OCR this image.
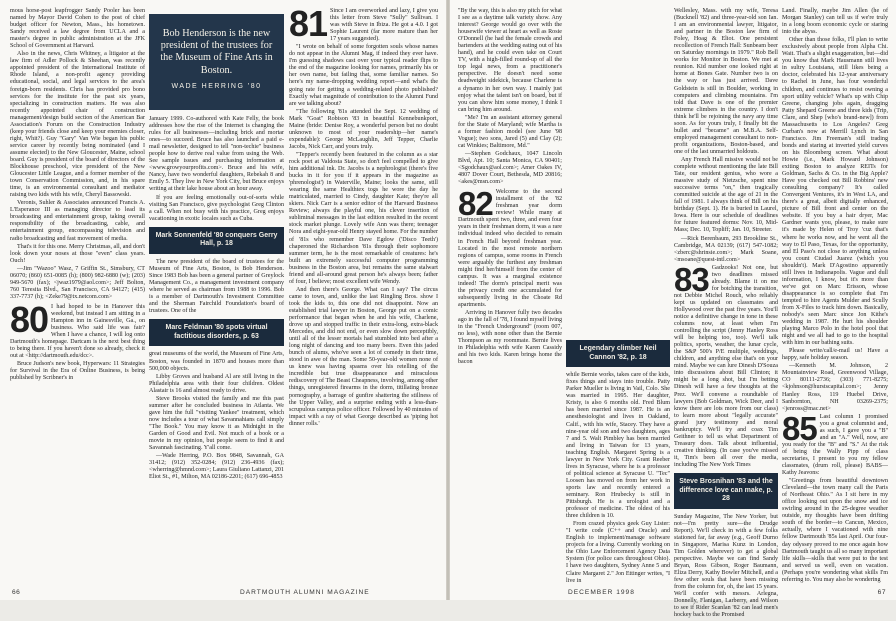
mous horse-post leapfrogger Sandy Pooler has been named by Mayor David Cohen to the post of chief budget officer for Newton, Mass., his hometown. Sandy received a law degree from UCLA and a master's degree in public administration at the JFK School of Government at Harvard.

Also in the news, Chris Whitney, a litigator at the law firm of Adler Pollock & Sheehan, was recently appointed president of the International Institute of Rhode Island, a non-profit agency providing educational, social, and legal services to the area's foreign-born residents. Chris has provided pro bono services for the institute for the past six years, specializing in construction matters. He was also recently appointed chair of construction management/design build section of the American Bar Association's Forum on the Construction Industry (keep your friends close and keep your enemies closer, right, Whit?). Guy "Gary" Van Wie began his public service career by recently being nominated (and I assume elected) to the New Gloucester, Maine, school board. Guy is president of the board of directors of the Blockhouse preschool, vice president of the New Gloucester Little League, and a former member of the town Conservation Commission, and, in his spare time, is an environmental consultant and mediator raising two kids with his wife, Cheryl Bassowski.

Veronis, Suhler & Associates announced Francis A. L'Esperance III as managing director to lead its broadcasting and entertainment group, taking overall responsibility of the broadcasting, cable, and entertainment group, encompassing television and radio broadcasting and fast movement of media.

That's it for this one. Merry Christmas, all, and don't look down your noses at those "even" class years. Ouch!

—Jim "Wazoo" Wasz, 7 Griffin St., Simsbury, CT 06070; (860) 651-0085 (h); (800) 982-6880 (w); (203) 949-5670 (fax); <jwaz1979@aol.com>; Jeff Bolton, 760 Teresita Blvd., San Francisco, CA 94127; (415) 337-7737 (h); <Zeke79@tx.netcom.com>

80 I had hoped to be in Hanover this weekend, but instead I am sitting in a Hampton inn in Gainesville, Ga., on business. Who said life was fair? When I have a chance, I will log onto Dartmouth's homepage. Dartcam is the next best thing to being there. If you haven't done so already, check it out at <http://dartmouth.edu/dcc>.

Bruce Judson's new book, Hyperwars: 11 Strategies for Survival in the Era of Online Business, is being published by Scribner's in

January 1999. Co-authored with Kate Felly, the book addresses how the rise of the Internet is changing the rules for all businesses—including brick and mortar ones—to succeed. Bruce has also launched a paid e-mail newsletter, designed to tell "non-techie" business people how to derive real value from using the Web. See sample issues and purchasing information at <www.growyourprofits.com>. Bruce and his wife, Nancy, have two wonderful daughters, Rebekah 8 and Emily 5. They live in New York City, but Bruce enjoys writing at their lake house about an hour away.

If you are feeling emotionally out-of-sorts while visiting San Francisco, give psychologist Greg Clinton a call. When not busy with his practice, Greg enjoys vacationing in exotic locales such as Cuba.

Mark Sonnenfeld '80 conquers Gerry Hall, p. 18

The new president of the board of trustees for the Museum of Fine Arts, Boston, is Bob Henderson. Since 1983 Bob has been a general partner of Greylock Management Co., a management investment company where he served as chairman from 1988 to 1996. Bob is a member of Dartmouth's Investment Committee and the Sherman Fairchild Foundation's board of trustees. One of the

Marc Feldman '80 spots virtual factitious disorders, p. 63

great museums of the world, the Museum of Fine Arts, Boston, was founded in 1870 and houses more than 500,000 objects.

Libby Groves and husband Al are still living in the Philadelphia area with their four children. Oldest Alastair is 16 and almost ready to drive.

Steve Brooks visited the family and me this past summer after he concluded business in Atlanta. We gave him the full "visiting Yankee" treatment, which now includes a tour of what Savannahians call simply "The Book." You may know it as Midnight in the Garden of Good and Evil. Not much of a book or a movie in my opinion, but people seem to find it and Savannah fascinating. Y'all come.

—Wade Herring, P.O. Box 9848, Savannah, GA 31412; (912) 352-0284; (912) 236-4936 (fax); <wherring@hmnd.com>; Laura Giuliano Lattanzi, 201 Eliot St., #1, Milton, MA 02186-2201; (617) 696-4853

Bob Henderson is the new president of the trustees for the Museum of Fine Arts in Boston.
WADE HERRING '80
81 Since I am overworked and lazy, I give you this letter from Steve "Sully" Sullivan. I was with Steve in Ibiza. He got a 4.0. I got Sophie Laurent (far more mature than her 17 years suggested).

"I wrote on behalf of some forgotten souls whose names do not appear in the Alumni Mag, if indeed they ever have. I'm guessing shadows cast over your typical reader flips to the end of the magazine looking for names, primarily his or her own name, but failing that, some familiar names. So here's my name-dropping wedding report—and what's the going rate for getting a wedding-related photo published? Exactly what magnitude of contribution to the Alumni Fund are we talking about?

"The following '81s attended the Sept. 12 wedding of Mark "Goat" Robison '83 in beautiful Kennebunkport, Maine (bride: Denise Roy, a wonderful person but no doubt unknown to most of your readership—her name's expendable): George McLaughlin, Jeff Tepper, Charlie Jacobs, Nick Carr, and yours truly.

"Tepper's recently been featured in the column as a star rock poet at Valdosta State, so don't feel compelled to give him additional ink. Dr. Jacobs is a nephrologist (there's five bucks in it for you if it appears in the magazine as 'phrenologist') in Waterville, Maine; looks the same, still wearing the same Healthtex togs he wore the day he matriculated, married to Cindy, daughter Kate; they're all skiers. Nick Carr is a senior editor of the Harvard Business Review; always the playful one, his clever insertion of subliminal messages in the last edition resulted in the recent stock market plunge. Lovely wife Ann was there; teenager Nora and eight-year-old Henry stayed home. For the number of '81s who remember Dave Egdow ('Disco Teeth') chaperoned the Richardson '81s through their sophomore summer term, he is the most remarkable of creatures: he's built an extremely successful computer programming business in the Boston area, but remains the same stalwart friend and all-around great person he's always been; father of four, I believe; most excellent wife Wendy.

And then there's George. What can I say? The circus came to town, and, unlike the last Ringling Bros. show I took the kids to, this one did not disappoint. Now an established trial lawyer in Boston, George put on a comic performance that began when he and his wife, Charlene, drove up and stopped traffic in their extra-long, extra-black Mercedes, and did not end, or even slow down perceptibly, until all of the lesser mortals had stumbled into bed after a long night of dancing and too many beers. Even this jaded bunch of alums, who've seen a lot of comedy in their time, stood in awe of the man. Some 50-year-old women none of us knew was having spasms over his retelling of the incredible but true disappearance and miraculous rediscovery of The Beast Cheapness, involving, among other things, unregistered firearms in the dorm, titillating bronze pornography, a barrage of gunfire shattering the stillness of the Upper Valley, and a surprise ending with a less-than-scrupulous campus police officer. Followed by 40 minutes of impact with a ray of what George described as 'piping hot dinner rolls.'

66	DARTMOUTH ALUMNI MAGAZINE

"By the way, this is also my pitch for what I see as a daytime talk variety show. Any interest? George would go over with the housewife viewer at heart as well as Rosie O'Donnell (he had the female crowds and bartenders at the wedding eating out of his hand), and he could even take on Court TV, with a high-filled round-up of all the top legal news, from a practitioner's perspective. He doesn't need some deadweight sidekick, because Charlene is a dynamo in her own way. I mainly just enjoy what the talent isn't on board, but if you can show him some money, I think I can bring him around.

"Me? I'm an assistant attorney general for the State of Maryland; wife Martha is a former fashion model (see June '98 Vogue); two sons, Jared (5) and Clay (2); cat Winkies; Baltimore, Md."

—Stephen Godchaux, 1047 Lincoln Blvd, Apt. 10; Santa Monica, CA 90401; <Sgodchaux@aol.com>; Amer Oakes IV, 4807 Dover Court, Bethesda, MD 20816; <akes@msn.com>

82 Welcome to the second installment of the '82 freshman year dorm review! While many at Dartmouth spent two, three, and even four years in their freshman dorm, it was a rare individual indeed who decided to remain in French Hall beyond freshman year. Located in the most remote northern regions of campus, some rooms in French were arguably the furthest any freshman might find her/himself from the center of campus. It was a marginal existence indeed! The dorm's principal merit was the privacy credit one accumulated for subsequently living in the Choate Rd apartments.

Arriving in Hanover fully two decades ago in the fall of '78, I found myself living in the "French Underground" (room 007, no less), with none other than the Bernie Thompson as my roommate. Bernie lives in Philadelphia with wife Karen Cassidy and his two kids. Karen brings home the bacon

Legendary climber Neil Cannon '82, p. 18

while Bernie works, takes care of the kids, fixes things and stays into trouble. Patty Parker Mueller is living in Vail, Colo. She was married in 1995. Her daughter, Kristy, is also 6 months old. Fred Blum has been married since 1987. He is an anesthesiologist and lives in Oakland, Calif., with his wife, Stacey. They have a nine-year old son and two daughters, ages 7 and 5. Walt Pimbley has been married and living in Taiwan for 13 years, teaching English. Margaret Spring is a lawyer in New York City. Grant Reeber lives in Syracuse, where he is a professor of political science at Syracuse U. "Tec" Loosen has moved on from her work in sports law and recently entered a seminary. Ron Hrubecky is still in Pittsburgh. He is a urologist and a professor of medicine. The oldest of his three children is 10.

From crazed physics geek Guy Lister: "I write code (C++ and Oracle) and English to implement/manage software projects for a living. Currently working on the Ohio Law Enforcement Agency Data System (for police cars throughout Ohio). I have two daughters, Sydney Anne 5 and Claire Margaret 2." Jon Ettinger writes, "I live in

Wellesley, Mass. with my wife, Teresa (Bucknell '82) and three-year-old son Ian. I am an environmental lawyer, litigator, and partner in the Boston law firm of Foley, Hoag & Eliot. One persistent recollection of French Hall: Sunbeam beer on Saturday mornings in 1979." Rob Bell works for Monitor in Boston. We met at reunion. Kid number one looked right at home at Bones Gate. Number two is on the way or has just arrived. Dave Goldstein is still in Boulder, working in computers and climbing mountains. I'm told that Dave is one of the premier extreme climbers in the country. I don't think he'll be rejoining the navy any time soon. As for yours truly, I finally bit the bullet and "became" an M.B.A. Self-employed management consultant to non-profit organizations, Boston-based, and one of the last unmarried holdouts.

Any French Hall missive would not be complete without mentioning the late Bill Tate, our resident genius, who wore a massive study of Nietzsche, spent nine successive terms "on," then tragically committed suicide at the age of 21 in the fall of 1981. I always think of Bill on his birthday (Sept. 1). He is buried in Laurel, Iowa. Here is our schedule of deadlines for future featured dorms: Nov. 10, Mid-Mass; Dec. 10, Topliff; Jan. 10, Streeter.

—Rick Berenbaum, 293 Brookline St., Cambridge, MA 02139; (617) 547-1082; <zberc@shrinsie.com>; Mark Soane, <msoane@quest-intl.com>

83 Gadzooks! Not one, but two deadlines missed already. Blame it on me for botching the transition, not Debbie Michel Rouch, who reliably kept us updated on classmates and Hollywood over the past five years. You'll notice a definitive change in tone in these columns now, at least when I'm controlling the script (Jenny Hanley Ross will be helping too, too). We'll talk politics, sports, weather, the lunar cycle, the S&P 500's P/E multiple, weddings, children, and anything else that's on your mind. Maybe we can lure Dinesh D'Souza into discussions about Bill Clinton; it might be a long shot, but I'm betting Dinesh will have a few thoughts at the Prez. We'll convene a roundtable of lawyers (Bob Goldman, Wick Deer, and I know there are lots more from our class) to learn more about "legally accurate" grand jury testimony and moral bankruptcy. We'll try and coax Tim Geithner to tell us what Department of Treasury does. Talk about influential, creative thinking. (In case you've missed it, Tim's been all over the media, including The New York Times

Steve Brosnihan '83 and the difference love can make, p. 28

Sunday Magazine, The New Yorker, but not—I'm pretty sure—the Drudge Report). We'll check in with a few folks stationed far, far away (e.g., Geoff Durno in Singapore, Marisa Kunz in London, Tim Golden wherever) to get a global perspective. Maybe we can find Sandy Bryan, Ross Gibson, Roger Baumann, Eliza Derry, Kathy Bowler Mitchell, and a few other souls that have been missing from the column for, oh, the last 15 years. We'll confer with messrs. Arlegna, Donnelly, Flanigan, Larberry, and Wilson to see if Rider Scanlan '82 can lead men's hockey back to the Promised

Land. Finally, maybe Jim Allen (he of Morgan Stanley) can tell us if we're truly in a long boom economic cycle or staring into the abyss.

Other than those folks, I'll plan to write exclusively about people from Alpha Chi. Wait. That's a slight exaggeration, but—did you know that Mark Hausmann still lives in sultry Louisiana, still likes being a doctor, celebrated his 12-year anniversary to Rachel in June, has four wonderful children, and continues to resist owning a sport utility vehicle? What's up with Chip Greene, changing jobs again, dragging Patty Shepard Greene and three kids (Trip, Clare, and Shep [who's brand-new]) from Massachusetts to Los Angeles? Greg Curban's now at Merrill Lynch in San Francisco. Jim Freeman's still trading bonds and staring at inverted yield curves on his Bloomberg screen. What about Howie (i.e., Mark Howard Johnson) exiting Boston to analyze REITs for Goldman, Sachs & Co. in the Big Apple? Have you checked out Bill Robbins' new consulting company? It's called Convergent Ventures, it's in West LA, and there's a great, albeit digitally enhanced, picture of Bill front and center on the website. If you buy a hair dryer, Mac Gardner wants you, please, to make sure it's made by Helen of Troy 'cuz that's where he works now, and he went all the way to El Paso, Texas, for the opportunity, and El Paso's not close to anything unless you count Ciudad Juarez (which you shouldn't). Mark D'Agostino apparently still lives in Indianapolis. Vague and dull information, I know, but it's more than we've got on Marc Erisson, whose disappearance is so complete that I'm tempted to hire Agents Mulder and Scully from X-Files to track him down. Basically, nobody's seen Marc since Jon Kithe's wedding in 1987. He hurt his shoulder playing Marco Polo in the hotel pool that night and we all had to go to the hospital with him in our bathing suits.

Please write/call/e-mail us! Have a happy, safe holiday season.

—Kenneth M. Johnson, 2 Mountainview Road, Greenwood Village, CO 80111-2736; (303) 771-8275; <kjohnson@hurstscapital.com>; Jenny Hanley Ross, 119 Huebel Drive, Sanbornton, NH 03269-2375; <jenross@mac.net>

85 Last column I promised you a great columnist and, as such, I gave you a "B" and an "A." Well, now, are you ready for the "B" and "S." At the risk of being the Wally Pipp of class secretaries, I present to you my fellow classmates, (drum roll, please) BABS—Kathy Jeavons:

"Greetings from beautiful downtown Cleveland—the town many call the Paris of Northeast Ohio." As I sit here in my office looking out upon the snow and ice swirling around in the 25-degree weather outside, my thoughts have been drifting south of the border—to Cancun, Mexico, actually, where I vacationed with nine fellow Dartmouth '85s last April. Our four-day odyssey proved to me once again how Dartmouth taught us all so many important life skills—skills that were put to the test and served us well, even on vacation. (Perhaps you're wondering what skills I'm referring to. You may also be wondering

DECEMBER 1998	67
